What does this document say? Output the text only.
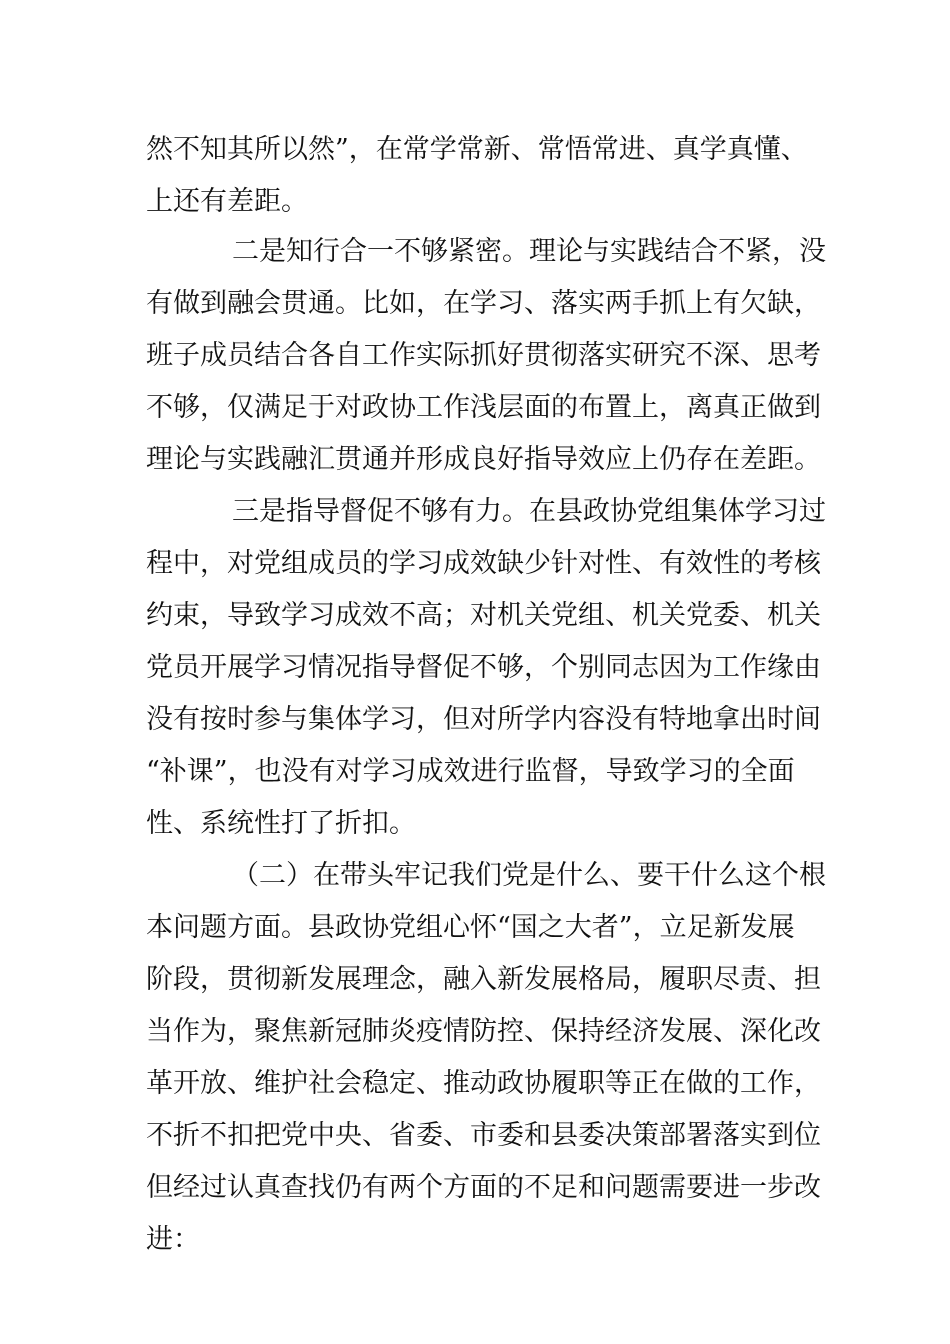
然不知其所以然”，在常学常新、常悟常进、真学真懂、
上还有差距。
二是知行合一不够紧密。理论与实践结合不紧，没
有做到融会贯通。比如，在学习、落实两手抓上有欠缺，
班子成员结合各自工作实际抓好贯彻落实研究不深、思考
不够，仅满足于对政协工作浅层面的布置上，离真正做到
理论与实践融汇贯通并形成良好指导效应上仍存在差距。
三是指导督促不够有力。在县政协党组集体学习过
程中，对党组成员的学习成效缺少针对性、有效性的考核
约束，导致学习成效不高；对机关党组、机关党委、机关
党员开展学习情况指导督促不够，个别同志因为工作缘由
没有按时参与集体学习，但对所学内容没有特地拿出时间
“补课”，也没有对学习成效进行监督，导致学习的全面
性、系统性打了折扣。
（二）在带头牢记我们党是什么、要干什么这个根
本问题方面。县政协党组心怀“国之大者”，立足新发展
阶段，贯彻新发展理念，融入新发展格局，履职尽责、担
当作为，聚焦新冠肺炎疫情防控、保持经济发展、深化改
革开放、维护社会稳定、推动政协履职等正在做的工作，
不折不扣把党中央、省委、市委和县委决策部署落实到位
但经过认真查找仍有两个方面的不足和问题需要进一步改
进：
